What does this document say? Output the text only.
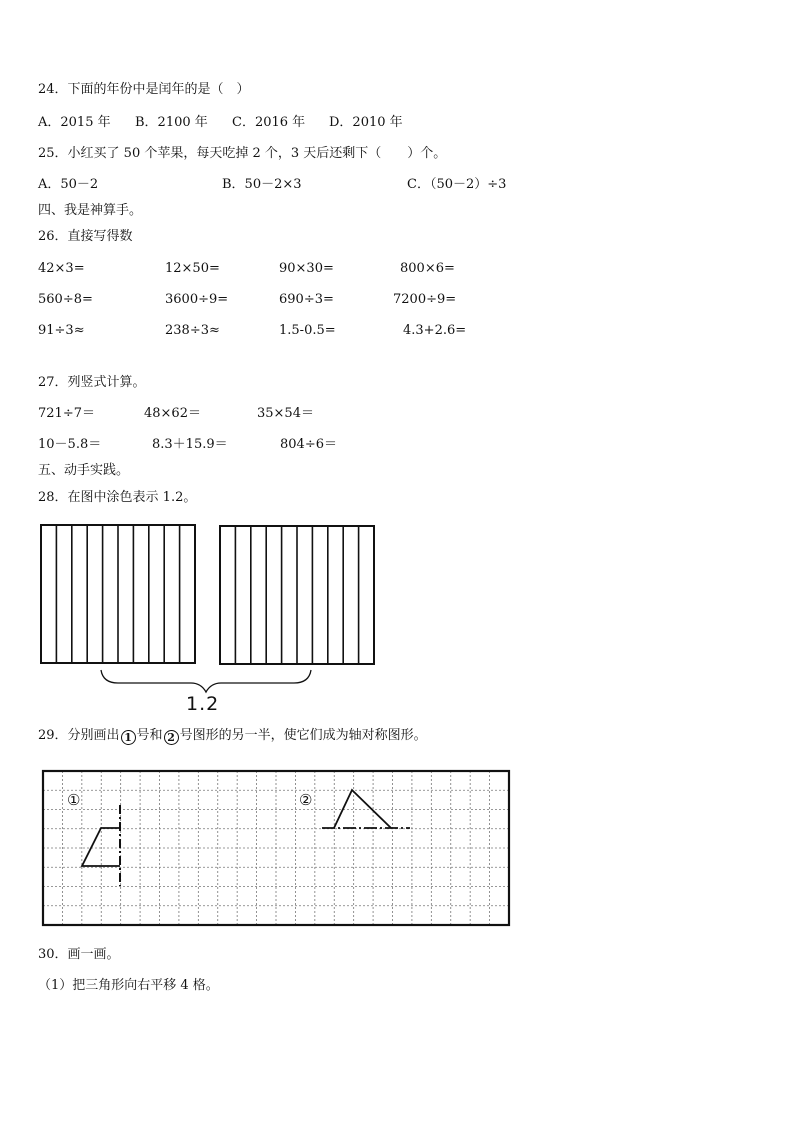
24．下面的年份中是闰年的是（　）
A．2015 年 B．2100 年 C．2016 年 D．2010 年
25．小红买了 50 个苹果，每天吃掉 2 个，3 天后还剩下（　　）个。
A．50－2	B．50－2×3	C．（50－2）÷3
四、我是神算手。
26．直接写得数
42×3=	12×50=	90×30=	800×6=
560÷8=	3600÷9=	690÷3=	7200÷9=
91÷3≈	238÷3≈	1.5-0.5=	4.3+2.6=
27．列竖式计算。
721÷7＝	48×62＝	35×54＝
10－5.8＝	8.3＋15.9＝	804÷6＝
五、动手实践。
28．在图中涂色表示 1.2。
1.2
29．分别画出 1 号和 2 号图形的另一半，使它们成为轴对称图形。
①	②
30．画一画。
（1）把三角形向右平移 4 格。
